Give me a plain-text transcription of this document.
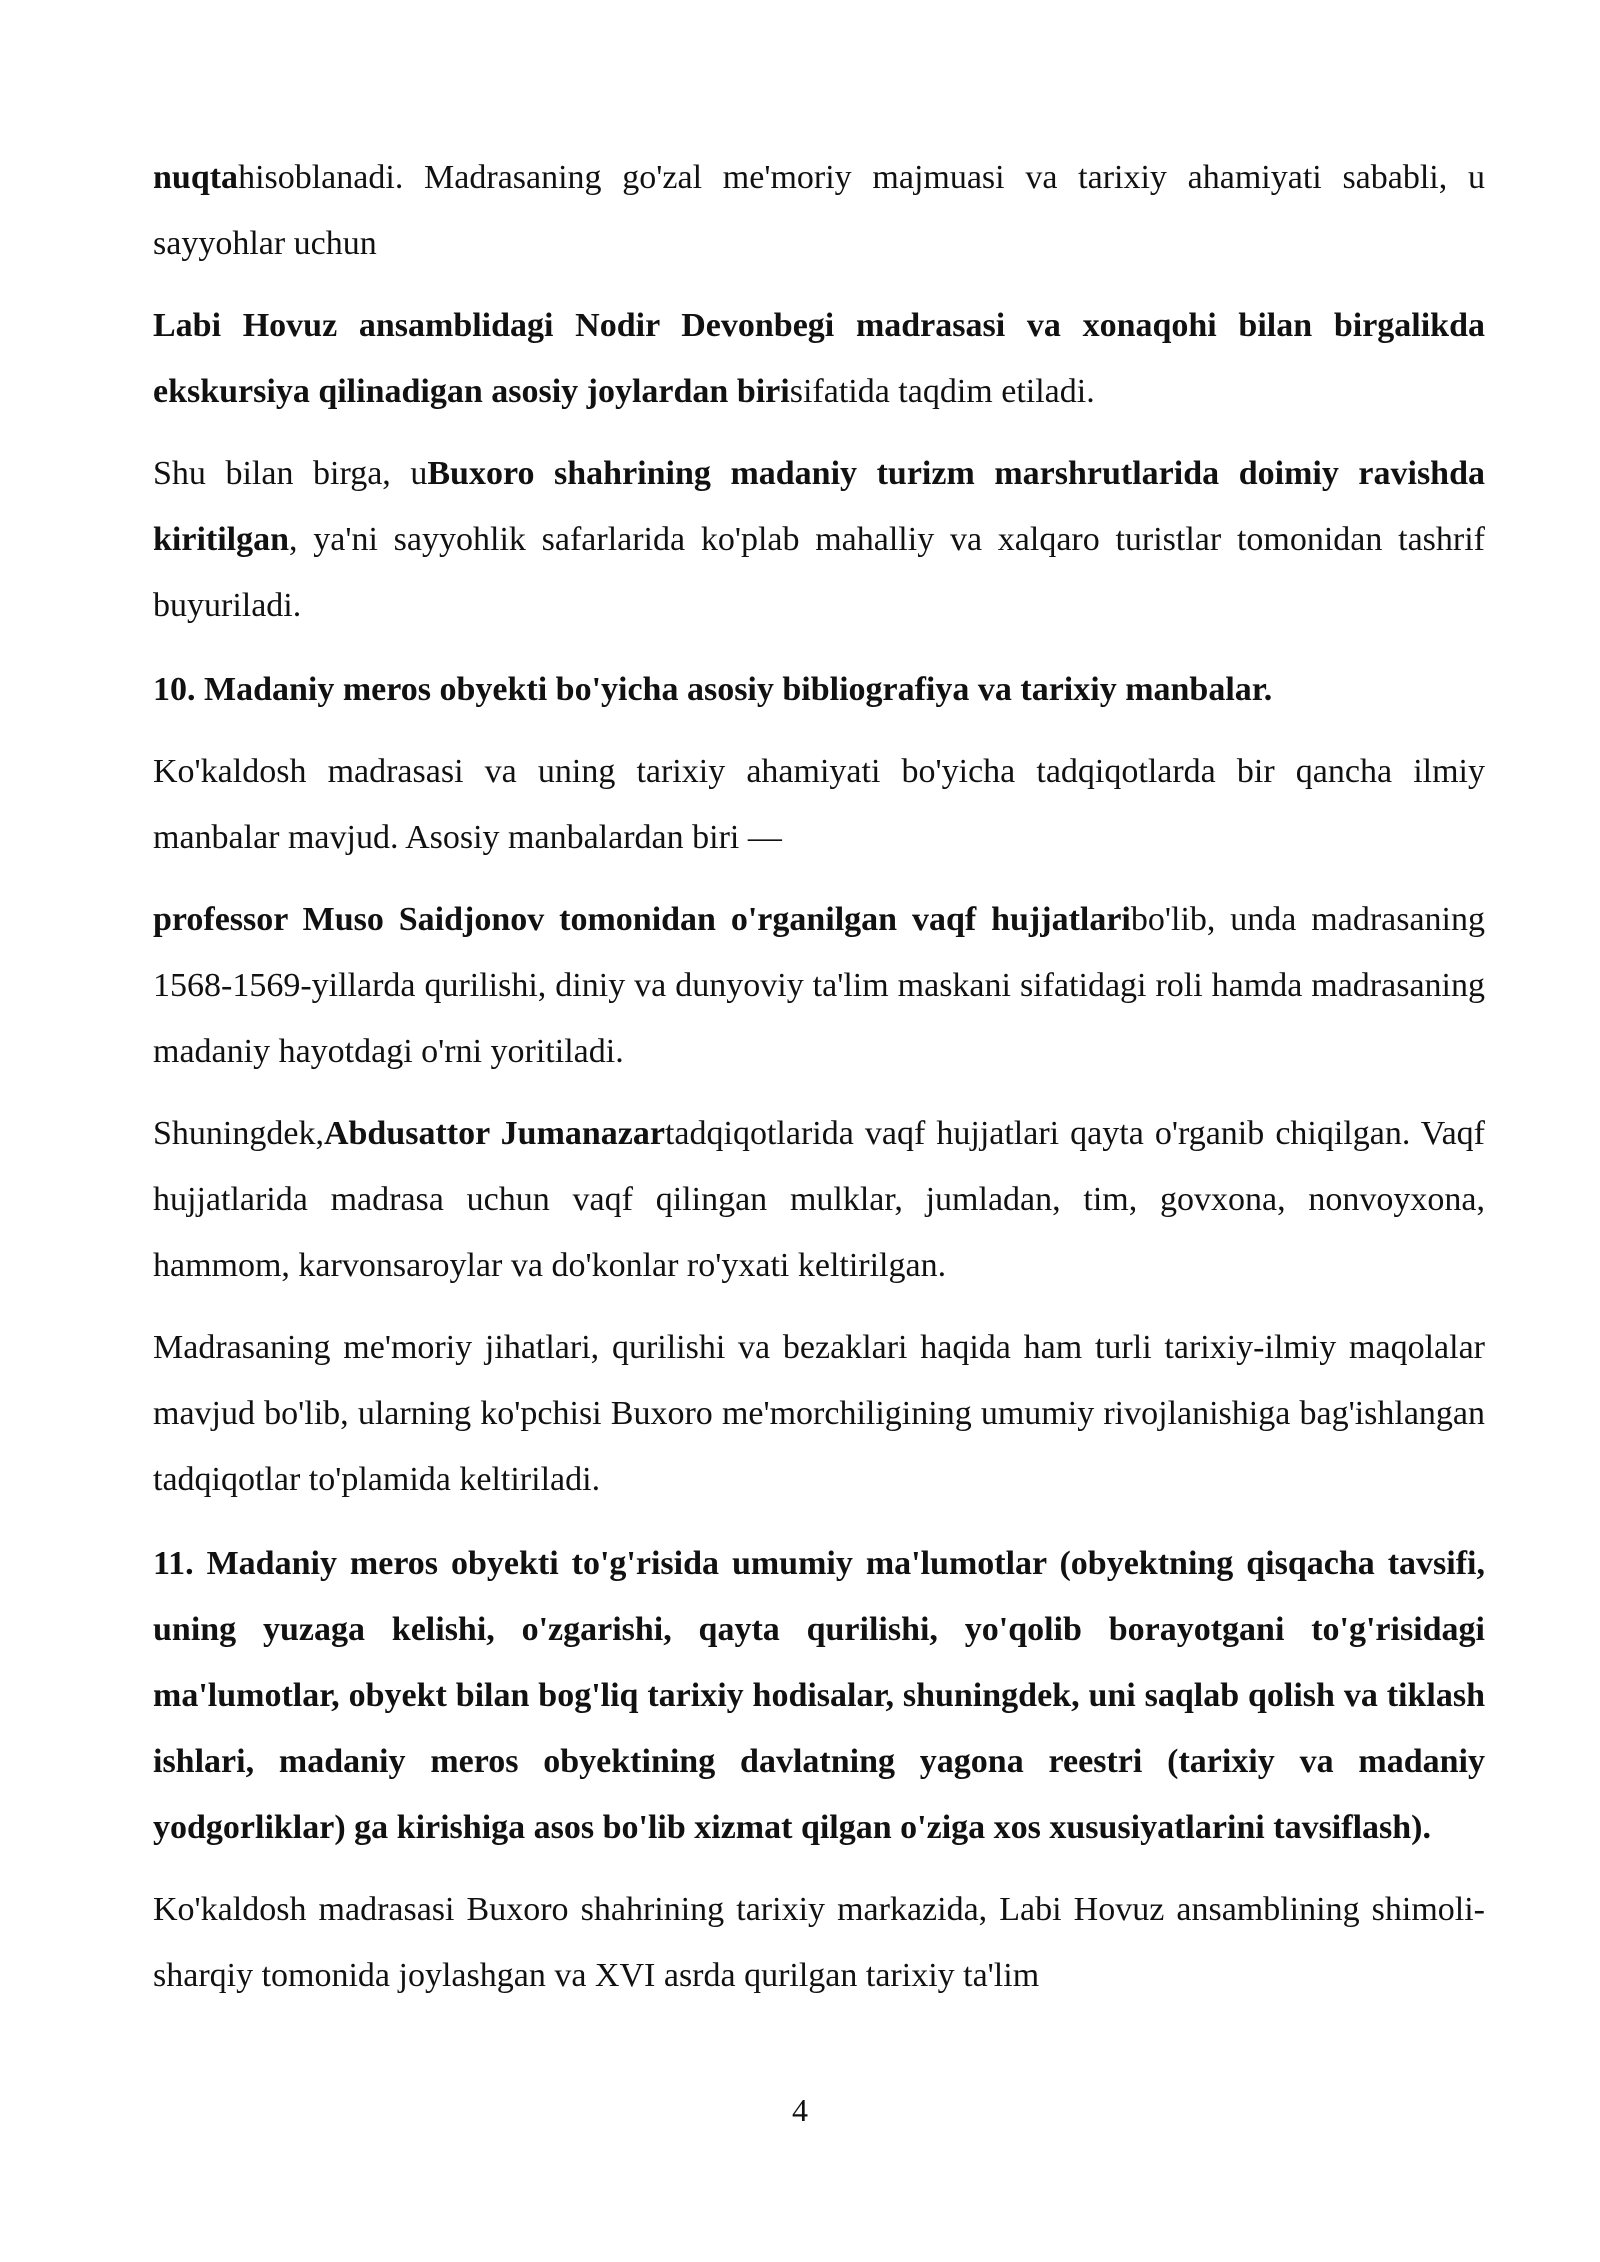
nuqtahisoblanadi. Madrasaning go'zal me'moriy majmuasi va tarixiy ahamiyati sababli, u sayyohlar uchun

Labi Hovuz ansamblidagi Nodir Devonbegi madrasasi va xonaqohi bilan birgalikda ekskursiya qilinadigan asosiy joylardan birisifatida taqdim etiladi.

Shu bilan birga, uBuxoro shahrining madaniy turizm marshrutlarida doimiy ravishda kiritilgan, ya'ni sayyohlik safarlarida ko'plab mahalliy va xalqaro turistlar tomonidan tashrif buyuriladi.

10. Madaniy meros obyekti bo'yicha asosiy bibliografiya va tarixiy manbalar.

Ko'kaldosh madrasasi va uning tarixiy ahamiyati bo'yicha tadqiqotlarda bir qancha ilmiy manbalar mavjud. Asosiy manbalardan biri —

professor Muso Saidjonov tomonidan o'rganilgan vaqf hujjatlaribo'lib, unda madrasaning 1568-1569-yillarda qurilishi, diniy va dunyoviy ta'lim maskani sifatidagi roli hamda madrasaning madaniy hayotdagi o'rni yoritiladi.

Shuningdek,Abdusattor Jumanazartadqiqotlarida vaqf hujjatlari qayta o'rganib chiqilgan. Vaqf hujjatlarida madrasa uchun vaqf qilingan mulklar, jumladan, tim, govxona, nonvoyxona, hammom, karvonsaroylar va do'konlar ro'yxati keltirilgan.

Madrasaning me'moriy jihatlari, qurilishi va bezaklari haqida ham turli tarixiy-ilmiy maqolalar mavjud bo'lib, ularning ko'pchisi Buxoro me'morchiligining umumiy rivojlanishiga bag'ishlangan tadqiqotlar to'plamida keltiriladi.

11. Madaniy meros obyekti to'g'risida umumiy ma'lumotlar (obyektning qisqacha tavsifi, uning yuzaga kelishi, o'zgarishi, qayta qurilishi, yo'qolib borayotgani to'g'risidagi ma'lumotlar, obyekt bilan bog'liq tarixiy hodisalar, shuningdek, uni saqlab qolish va tiklash ishlari, madaniy meros obyektining davlatning yagona reestri (tarixiy va madaniy yodgorliklar) ga kirishiga asos bo'lib xizmat qilgan o'ziga xos xususiyatlarini tavsiflash).

Ko'kaldosh madrasasi Buxoro shahrining tarixiy markazida, Labi Hovuz ansamblining shimoli-sharqiy tomonida joylashgan va XVI asrda qurilgan tarixiy ta'lim

4
